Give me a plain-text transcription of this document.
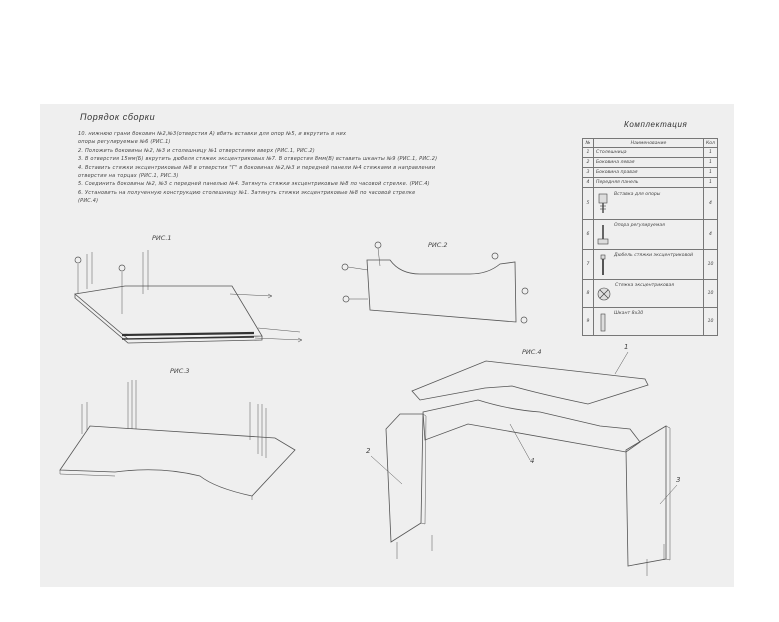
Порядок сборки
10. нижнюю грани боковин №2,№3(отверстия А) вбить вставки для опор №5, и вкрутить в них
опоры регулируемые №6 (РИС.1)
2. Положить боковины №2, №3 и столешницу №1 отверстиями вверх (РИС.1, РИС.2)
3. В отверстия 15мм(Б) вкрутить дюбеля стяжек эксцентриковых №7. В отверстия 8мм(В) вставить шканты №9 (РИС.1, РИС.2)
4. Вставить стяжки эксцентриковые №8 в отверстия "Г" в боковинах №2,№3 и передней панели №4 стяжками в направлении
отверстия на торцах (РИС.1, РИС.3)
5. Соединить боковины №2, №3 с передней панелью №4. Затянуть стяжки эксцентриковые №8 по часовой стрелке. (РИС.4)
6. Установить на полученную конструкцию столешницу №1. Затянуть стяжки эксцентриковые №8 по часовой стрелке
(РИС.4)
Комплектация
№	Наименование	Кол
1	Столешница	1
2	Боковина левая	1
3	Боковина правая	1
4	Передняя панель	1
5	Вставка для опоры	4
6	Опора регулируемая	4
7	Дюбель стяжки эксцентриковой	10
8	Стяжка эксцентриковая	10
9	Шкант 8х30	10
РИС.1
РИС.2
РИС.3
РИС.4
1
2
3
4
